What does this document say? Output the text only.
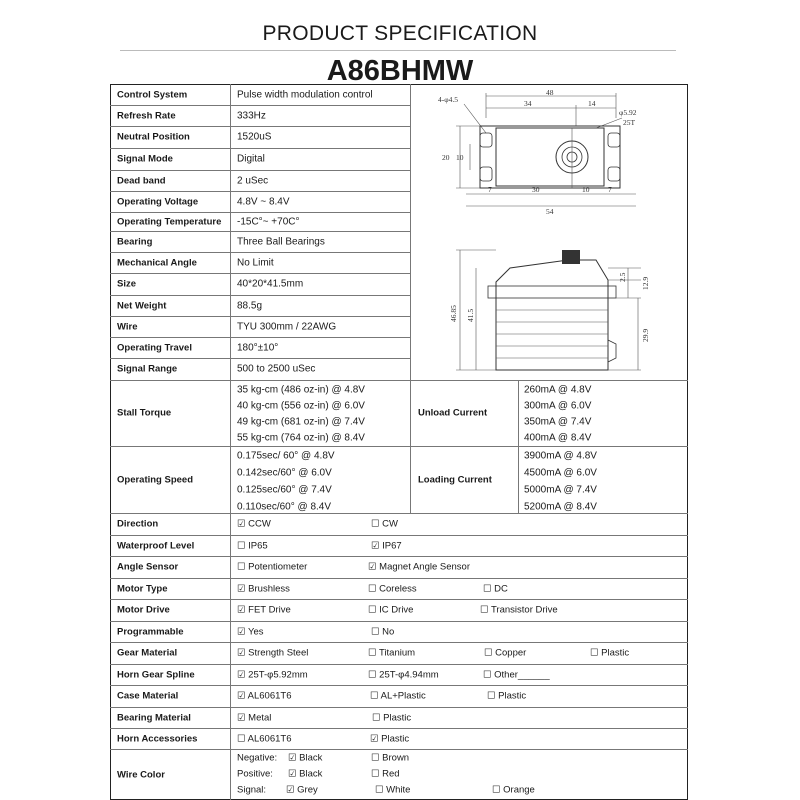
PRODUCT SPECIFICATION
A86BHMW
48
34	14
4-φ4.5
φ5.92
25T
20 10
7	30	10 7
54
46.85 41.5
2.5 12.9
29.9
Control System	Pulse width modulation control
Refresh Rate	333Hz
Neutral Position	1520uS
Signal Mode	Digital
Dead band	2 uSec
Operating Voltage	4.8V ~ 8.4V
Operating Temperature -15C°~ +70C°
Bearing	Three Ball Bearings
Mechanical Angle	No Limit
Size	40*20*41.5mm
Net Weight	88.5g
Wire	TYU 300mm / 22AWG
Operating Travel	180°±10°
Signal Range	500 to 2500 uSec
Stall Torque	Unload Current
35 kg-cm (486 oz-in) @ 4.8V	260mA @ 4.8V
40 kg-cm (556 oz-in) @ 6.0V	300mA @ 6.0V
49 kg-cm (681 oz-in) @ 7.4V	350mA @ 7.4V
55 kg-cm (764 oz-in) @ 8.4V	400mA @ 8.4V
Operating Speed	Loading Current
0.175sec/ 60° @ 4.8V	3900mA @ 4.8V
0.142sec/60° @ 6.0V	4500mA @ 6.0V
0.125sec/60° @ 7.4V	5000mA @ 7.4V
0.110sec/60° @ 8.4V	5200mA @ 8.4V
Direction	☑ CCW	☐ CW
Waterproof Level	☐ IP65	☑ IP67
Angle Sensor	☐ Potentiometer	☑ Magnet Angle Sensor
Motor Type	☑ Brushless	☐ Coreless	☐ DC
Motor Drive	☑ FET Drive	☐ IC Drive	☐ Transistor Drive
Programmable	☑ Yes	☐ No
Gear Material	☑ Strength Steel	☐ Titanium	☐ Copper	☐ Plastic
Horn Gear Spline	☑ 25T-φ5.92mm	☐ 25T-φ4.94mm	☐ Other______
Case Material	☑ AL6061T6	☐ AL+Plastic	☐ Plastic
Bearing Material	☑ Metal	☐ Plastic
Horn Accessories	☐ AL6061T6	☑ Plastic
Wire Color
Negative: ☑ Black	☐ Brown
Positive: ☑ Black	☐ Red
Signal: ☑ Grey	☐ White	☐ Orange
